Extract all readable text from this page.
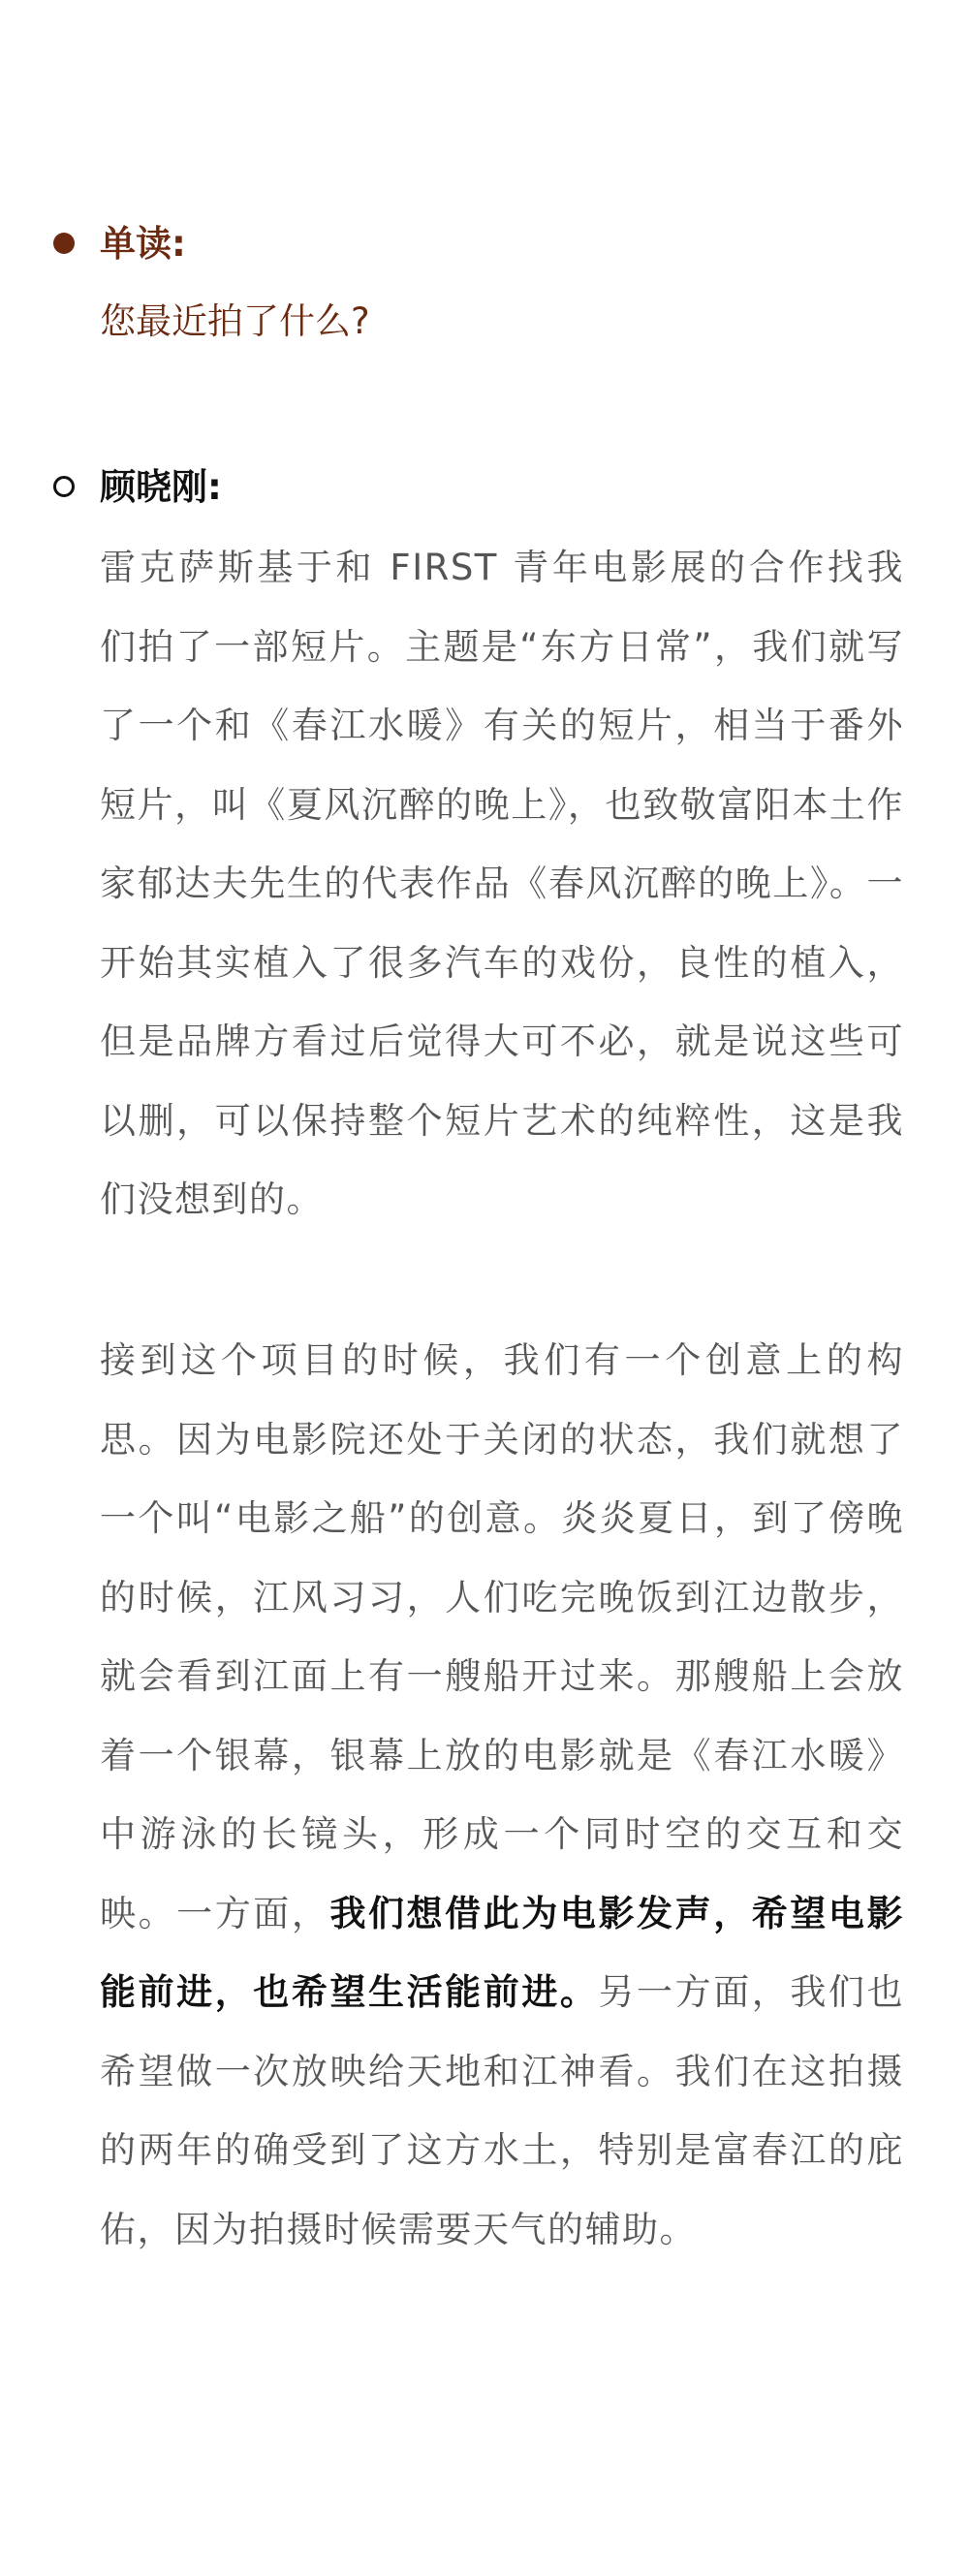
单读:
您最近拍了什么?
顾晓刚:
雷克萨斯基于和 FIRST 青年电影展的合作找我们拍了一部短片。主题是“东方日常”，我们就写了一个和《春江水暖》有关的短片，相当于番外短片，叫《夏风沉醉的晚上》，也致敬富阳本土作家郁达夫先生的代表作品《春风沉醉的晚上》。一开始其实植入了很多汽车的戏份，良性的植入，但是品牌方看过后觉得大可不必，就是说这些可以删，可以保持整个短片艺术的纯粹性，这是我们没想到的。
接到这个项目的时候，我们有一个创意上的构思。因为电影院还处于关闭的状态，我们就想了一个叫“电影之船”的创意。炎炎夏日，到了傍晚的时候，江风习习，人们吃完晚饭到江边散步，就会看到江面上有一艘船开过来。那艘船上会放着一个银幕，银幕上放的电影就是《春江水暖》中游泳的长镜头，形成一个同时空的交互和交映。一方面，我们想借此为电影发声，希望电影能前进，也希望生活能前进。另一方面，我们也希望做一次放映给天地和江神看。我们在这拍摄的两年的确受到了这方水土，特别是富春江的庇佑，因为拍摄时候需要天气的辅助。
